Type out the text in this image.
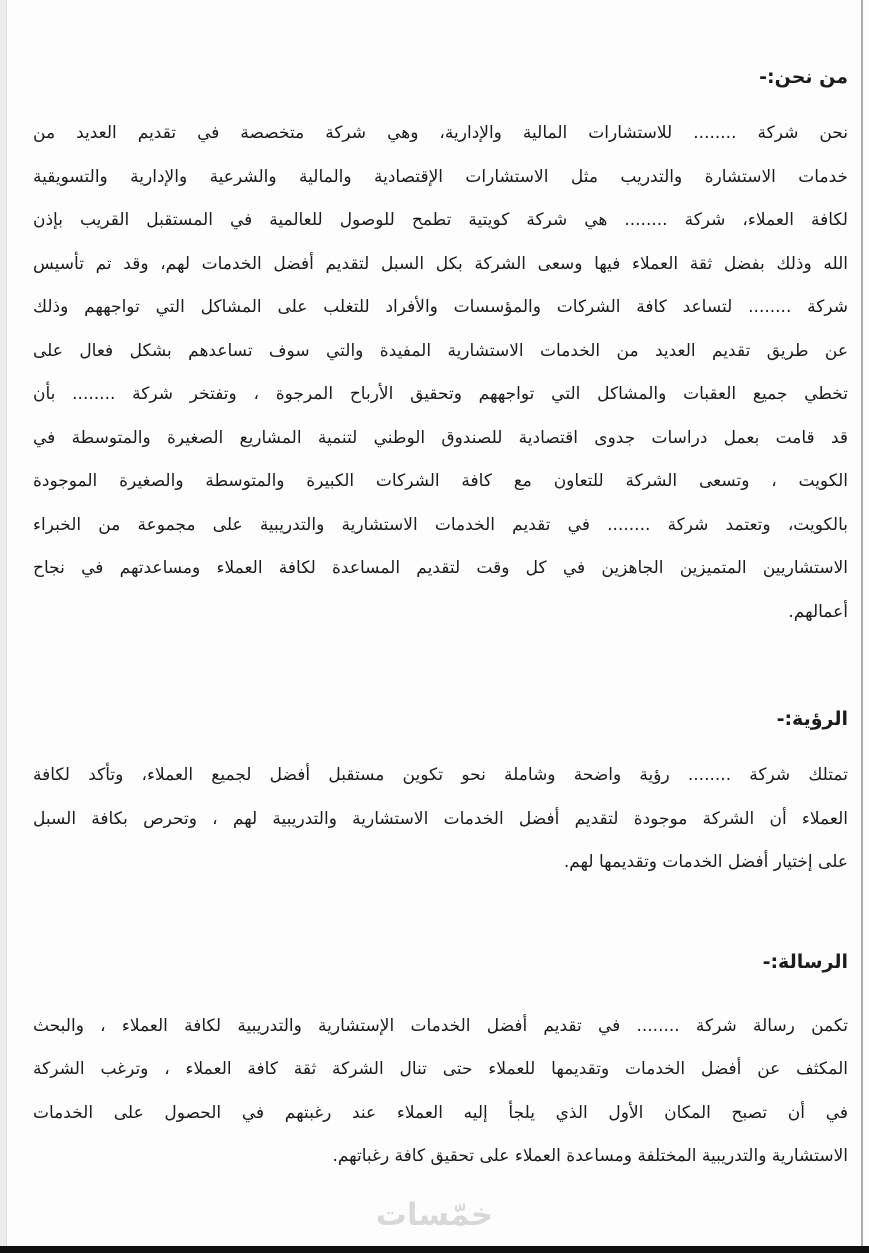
من نحن:-
نحن شركة ........ للاستشارات المالية والإدارية، وهي شركة متخصصة في تقديم العديد من
خدمات الاستشارة والتدريب مثل الاستشارات الإقتصادية والمالية والشرعية والإدارية والتسويقية
لكافة العملاء، شركة ........ هي شركة كويتية تطمح للوصول للعالمية في المستقبل القريب بإذن
الله وذلك بفضل ثقة العملاء فيها وسعى الشركة بكل السبل لتقديم أفضل الخدمات لهم، وقد تم تأسيس
شركة ........ لتساعد كافة الشركات والمؤسسات والأفراد للتغلب على المشاكل التي تواجههم وذلك
عن طريق تقديم العديد من الخدمات الاستشارية المفيدة والتي سوف تساعدهم بشكل فعال على
تخطي جميع العقبات والمشاكل التي تواجههم وتحقيق الأرباح المرجوة ، وتفتخر شركة ........ بأن
قد قامت بعمل دراسات جدوى اقتصادية للصندوق الوطني لتنمية المشاريع الصغيرة والمتوسطة في
الكويت ، وتسعى الشركة للتعاون مع كافة الشركات الكبيرة والمتوسطة والصغيرة الموجودة
بالكويت، وتعتمد شركة ........ في تقديم الخدمات الاستشارية والتدريبية على مجموعة من الخبراء
الاستشاريين المتميزين الجاهزين في كل وقت لتقديم المساعدة لكافة العملاء ومساعدتهم في نجاح
أعمالهم.
الرؤية:-
تمتلك شركة ........ رؤية واضحة وشاملة نحو تكوين مستقبل أفضل لجميع العملاء، وتأكد لكافة
العملاء أن الشركة موجودة لتقديم أفضل الخدمات الاستشارية والتدريبية لهم ، وتحرص بكافة السبل
على إختيار أفضل الخدمات وتقديمها لهم.
الرسالة:-
تكمن رسالة شركة ........ في تقديم أفضل الخدمات الإستشارية والتدريبية لكافة العملاء ، والبحث
المكثف عن أفضل الخدمات وتقديمها للعملاء حتى تنال الشركة ثقة كافة العملاء ، وترغب الشركة
في أن تصبح المكان الأول الذي يلجأ إليه العملاء عند رغبتهم في الحصول على الخدمات
الاستشارية والتدريبية المختلفة ومساعدة العملاء على تحقيق كافة رغباتهم.
خمّسات
